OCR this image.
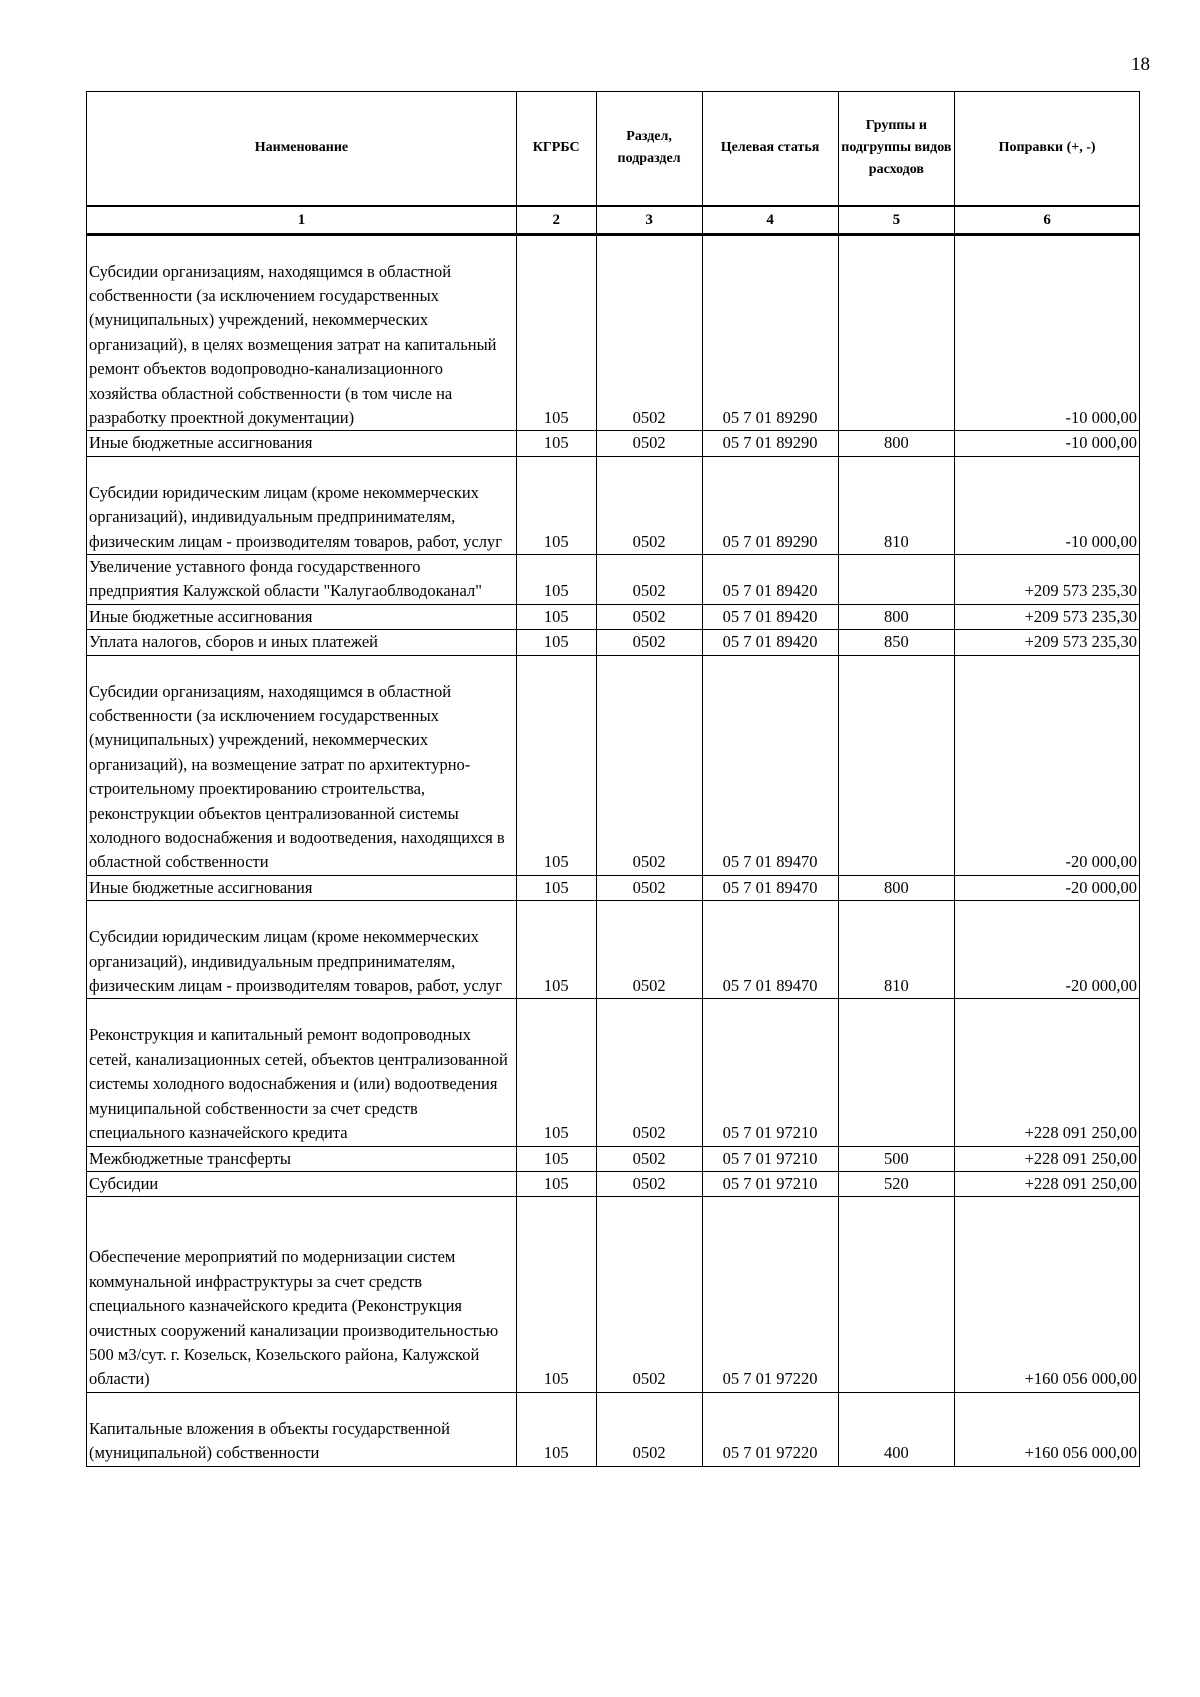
18
Наименование	КГРБС	Раздел, подраздел	Целевая статья	Группы и подгруппы видов расходов	Поправки (+, -)
1	2	3	4	5	6
Субсидии организациям, находящимся в областной собственности (за исключением государственных (муниципальных) учреждений, некоммерческих организаций), в целях возмещения затрат на капитальный ремонт объектов водопроводно-канализационного хозяйства областной собственности (в том числе на разработку проектной документации)	105	0502	05 7 01 89290		-10 000,00
Иные бюджетные ассигнования	105	0502	05 7 01 89290	800	-10 000,00
Субсидии юридическим лицам (кроме некоммерческих организаций), индивидуальным предпринимателям, физическим лицам - производителям товаров, работ, услуг	105	0502	05 7 01 89290	810	-10 000,00
Увеличение уставного фонда государственного предприятия Калужской области "Калугаоблводоканал"	105	0502	05 7 01 89420		+209 573 235,30
Иные бюджетные ассигнования	105	0502	05 7 01 89420	800	+209 573 235,30
Уплата налогов, сборов и иных платежей	105	0502	05 7 01 89420	850	+209 573 235,30
Субсидии организациям, находящимся в областной собственности (за исключением государственных (муниципальных) учреждений, некоммерческих организаций), на возмещение затрат по архитектурно-строительному проектированию строительства, реконструкции объектов централизованной системы холодного водоснабжения и водоотведения, находящихся в областной собственности	105	0502	05 7 01 89470		-20 000,00
Иные бюджетные ассигнования	105	0502	05 7 01 89470	800	-20 000,00
Субсидии юридическим лицам (кроме некоммерческих организаций), индивидуальным предпринимателям, физическим лицам - производителям товаров, работ, услуг	105	0502	05 7 01 89470	810	-20 000,00
Реконструкция и капитальный ремонт водопроводных сетей, канализационных сетей, объектов централизованной системы холодного водоснабжения и (или) водоотведения муниципальной собственности за счет средств специального казначейского кредита	105	0502	05 7 01 97210		+228 091 250,00
Межбюджетные трансферты	105	0502	05 7 01 97210	500	+228 091 250,00
Субсидии	105	0502	05 7 01 97210	520	+228 091 250,00
Обеспечение мероприятий по модернизации систем коммунальной инфраструктуры за счет средств специального казначейского кредита (Реконструкция очистных сооружений канализации производительностью 500 м3/сут. г. Козельск, Козельского района, Калужской области)	105	0502	05 7 01 97220		+160 056 000,00
Капитальные вложения в объекты государственной (муниципальной) собственности	105	0502	05 7 01 97220	400	+160 056 000,00
